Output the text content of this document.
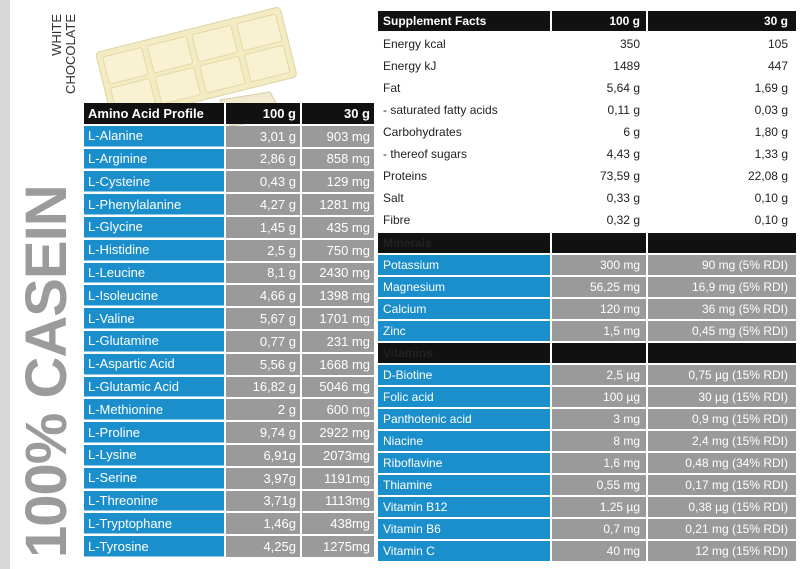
100% CASEIN
WHITE CHOCOLATE
Amino Acid Profile	100 g	30 g
L-Alanine	3,01 g	903 mg
L-Arginine	2,86 g	858 mg
L-Cysteine	0,43 g	129 mg
L-Phenylalanine	4,27 g	1281 mg
L-Glycine	1,45 g	435 mg
L-Histidine	2,5 g	750 mg
L-Leucine	8,1 g	2430 mg
L-Isoleucine	4,66 g	1398 mg
L-Valine	5,67 g	1701 mg
L-Glutamine	0,77 g	231 mg
L-Aspartic Acid	5,56 g	1668 mg
L-Glutamic Acid	16,82 g	5046 mg
L-Methionine	2 g	600 mg
L-Proline	9,74 g	2922 mg
L-Lysine	6,91g	2073mg
L-Serine	3,97g	1191mg
L-Threonine	3,71g	1113mg
L-Tryptophane	1,46g	438mg
L-Tyrosine	4,25g	1275mg
Supplement Facts	100 g	30 g
Energy kcal	350	105
Energy kJ	1489	447
Fat	5,64 g	1,69 g
- saturated fatty acids	0,11 g	0,03 g
Carbohydrates	6 g	1,80 g
- thereof sugars	4,43 g	1,33 g
Proteins	73,59 g	22,08 g
Salt	0,33 g	0,10 g
Fibre	0,32 g	0,10 g
Minerals
Potassium	300 mg	90 mg (5% RDI)
Magnesium	56,25 mg	16,9 mg (5% RDI)
Calcium	120 mg	36 mg (5% RDI)
Zinc	1,5 mg	0,45 mg (5% RDI)
Vitamins
D-Biotine	2,5 µg	0,75 µg (15% RDI)
Folic acid	100 µg	30 µg (15% RDI)
Panthotenic acid	3 mg	0,9 mg (15% RDI)
Niacine	8 mg	2,4 mg (15% RDI)
Riboflavine	1,6 mg	0,48 mg (34% RDI)
Thiamine	0,55 mg	0,17 mg (15% RDI)
Vitamin B12	1,25 µg	0,38 µg (15% RDI)
Vitamin B6	0,7 mg	0,21 mg (15% RDI)
Vitamin C	40 mg	12 mg (15% RDI)
